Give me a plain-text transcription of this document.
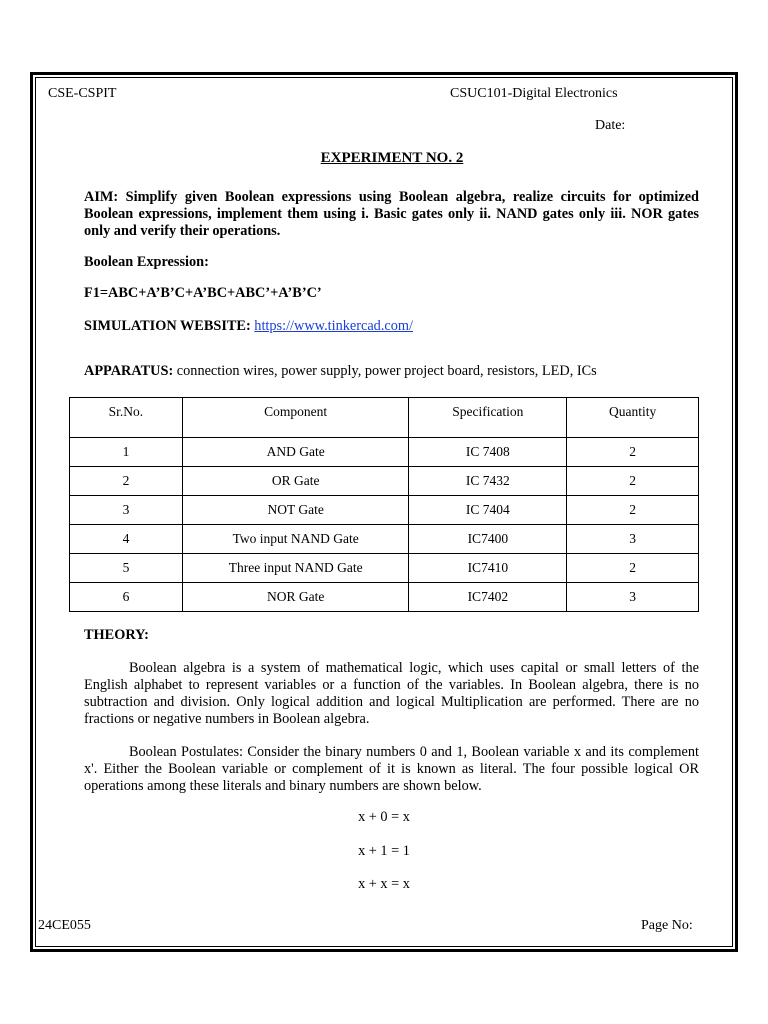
CSE-CSPIT	CSUC101-Digital Electronics
Date:
EXPERIMENT NO. 2
AIM: Simplify given Boolean expressions using Boolean algebra, realize circuits for optimized Boolean expressions, implement them using i. Basic gates only ii. NAND gates only iii. NOR gates only and verify their operations.
Boolean Expression:
F1=ABC+A’B’C+A’BC+ABC’+A’B’C’
SIMULATION WEBSITE: https://www.tinkercad.com/
APPARATUS: connection wires, power supply, power project board, resistors, LED, ICs
Sr.No.	Component	Specification	Quantity
1	AND Gate	IC 7408	2
2	OR Gate	IC 7432	2
3	NOT Gate	IC 7404	2
4	Two input NAND Gate	IC7400	3
5	Three input NAND Gate	IC7410	2
6	NOR Gate	IC7402	3
THEORY:
Boolean algebra is a system of mathematical logic, which uses capital or small letters of the English alphabet to represent variables or a function of the variables. In Boolean algebra, there is no subtraction and division. Only logical addition and logical Multiplication are performed. There are no fractions or negative numbers in Boolean algebra.
Boolean Postulates: Consider the binary numbers 0 and 1, Boolean variable x and its complement x'. Either the Boolean variable or complement of it is known as literal. The four possible logical OR operations among these literals and binary numbers are shown below.
x + 0 = x
x + 1 = 1
x + x = x
24CE055	Page No:
